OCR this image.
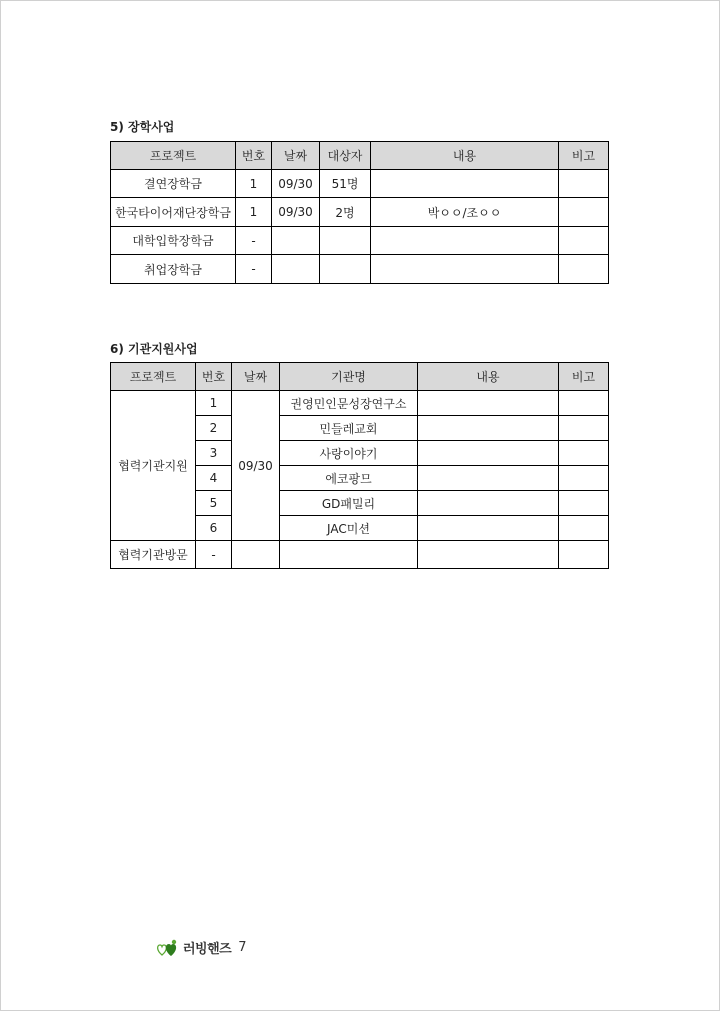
5) 장학사업
프로젝트	번호	날짜	대상자	내용	비고
결연장학금	1	09/30	51명		
한국타이어재단장학금	1	09/30	2명	박ㅇㅇ/조ㅇㅇ	
대학입학장학금	-				
취업장학금	-				
6) 기관지원사업
프로젝트	번호	날짜	기관명	내용	비고
협력기관지원	1	09/30	권영민인문성장연구소		
	2		민들레교회		
	3		사랑이야기		
	4		에코팡므		
	5		GD패밀리		
	6		JAC미션		
협력기관방문	-				
러빙핸즈 7
